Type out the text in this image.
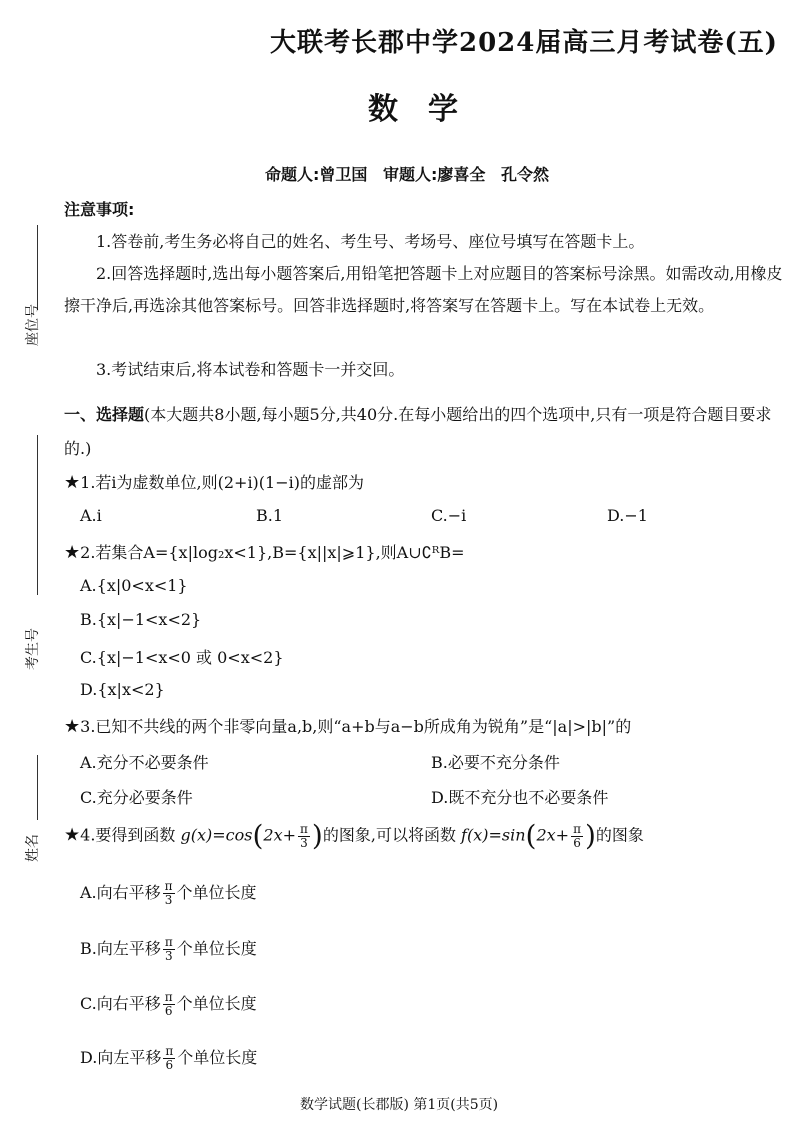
大联考长郡中学2024届高三月考试卷(五)
数学
命题人:曾卫国 审题人:廖喜全 孔令然
座位号
考生号
姓名
注意事项:
1.答卷前,考生务必将自己的姓名、考生号、考场号、座位号填写在答题卡上。
2.回答选择题时,选出每小题答案后,用铅笔把答题卡上对应题目的答案标号涂黑。如需改动,用橡皮擦干净后,再选涂其他答案标号。回答非选择题时,将答案写在答题卡上。写在本试卷上无效。
3.考试结束后,将本试卷和答题卡一并交回。
一、选择题(本大题共8小题,每小题5分,共40分.在每小题给出的四个选项中,只有一项是符合题目要求的.)
★1.若i为虚数单位,则(2+i)(1−i)的虚部为
A.i	B.1	C.−i	D.−1
★2.若集合A={x|log₂x<1},B={x||x|⩾1},则A∪∁ᴿB=
A.{x|0<x<1}
B.{x|−1<x<2}
C.{x|−1<x<0 或 0<x<2}
D.{x|x<2}
★3.已知不共线的两个非零向量a,b,则“a+b与a−b所成角为锐角”是“|a|>|b|”的
A.充分不必要条件	B.必要不充分条件
C.充分必要条件	D.既不充分也不必要条件
★4.要得到函数 $g(x)=\cos(2x+ \frac{\pi}{3}$ )的图象,可以将函数 $f(x)=\sin(2x+ \frac{\pi}{6}$ )的图象
A.向右平移 $\frac{\pi}{3}$ 个单位长度
B.向左平移 $\frac{\pi}{3}$ 个单位长度
C.向右平移 $\frac{\pi}{6}$ 个单位长度
D.向左平移 $\frac{\pi}{6}$ 个单位长度
数学试题(长郡版) 第1页(共5页)
